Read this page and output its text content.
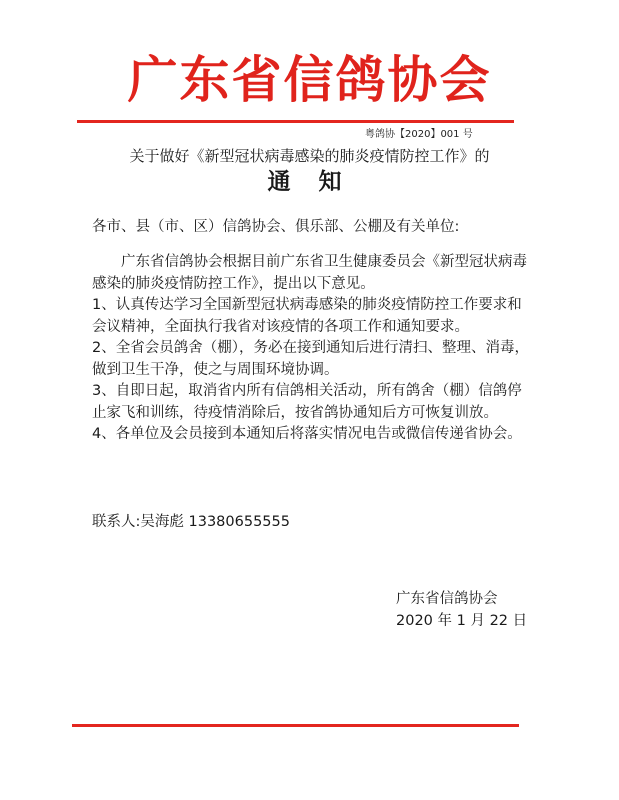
广东省信鸽协会
粤鸽协【2020】001 号
关于做好《新型冠状病毒感染的肺炎疫情防控工作》的
通 知
各市、县（市、区）信鸽协会、俱乐部、公棚及有关单位:

广东省信鸽协会根据目前广东省卫生健康委员会《新型冠状病毒感染的肺炎疫情防控工作》，提出以下意见。

1、认真传达学习全国新型冠状病毒感染的肺炎疫情防控工作要求和会议精神，全面执行我省对该疫情的各项工作和通知要求。

2、全省会员鸽舍（棚），务必在接到通知后进行清扫、整理、消毒，做到卫生干净，使之与周围环境协调。

3、自即日起，取消省内所有信鸽相关活动，所有鸽舍（棚）信鸽停止家飞和训练，待疫情消除后，按省鸽协通知后方可恢复训放。

4、各单位及会员接到本通知后将落实情况电告或微信传递省协会。

联系人:吴海彪 13380655555
广东省信鸽协会
2020 年 1 月 22 日
